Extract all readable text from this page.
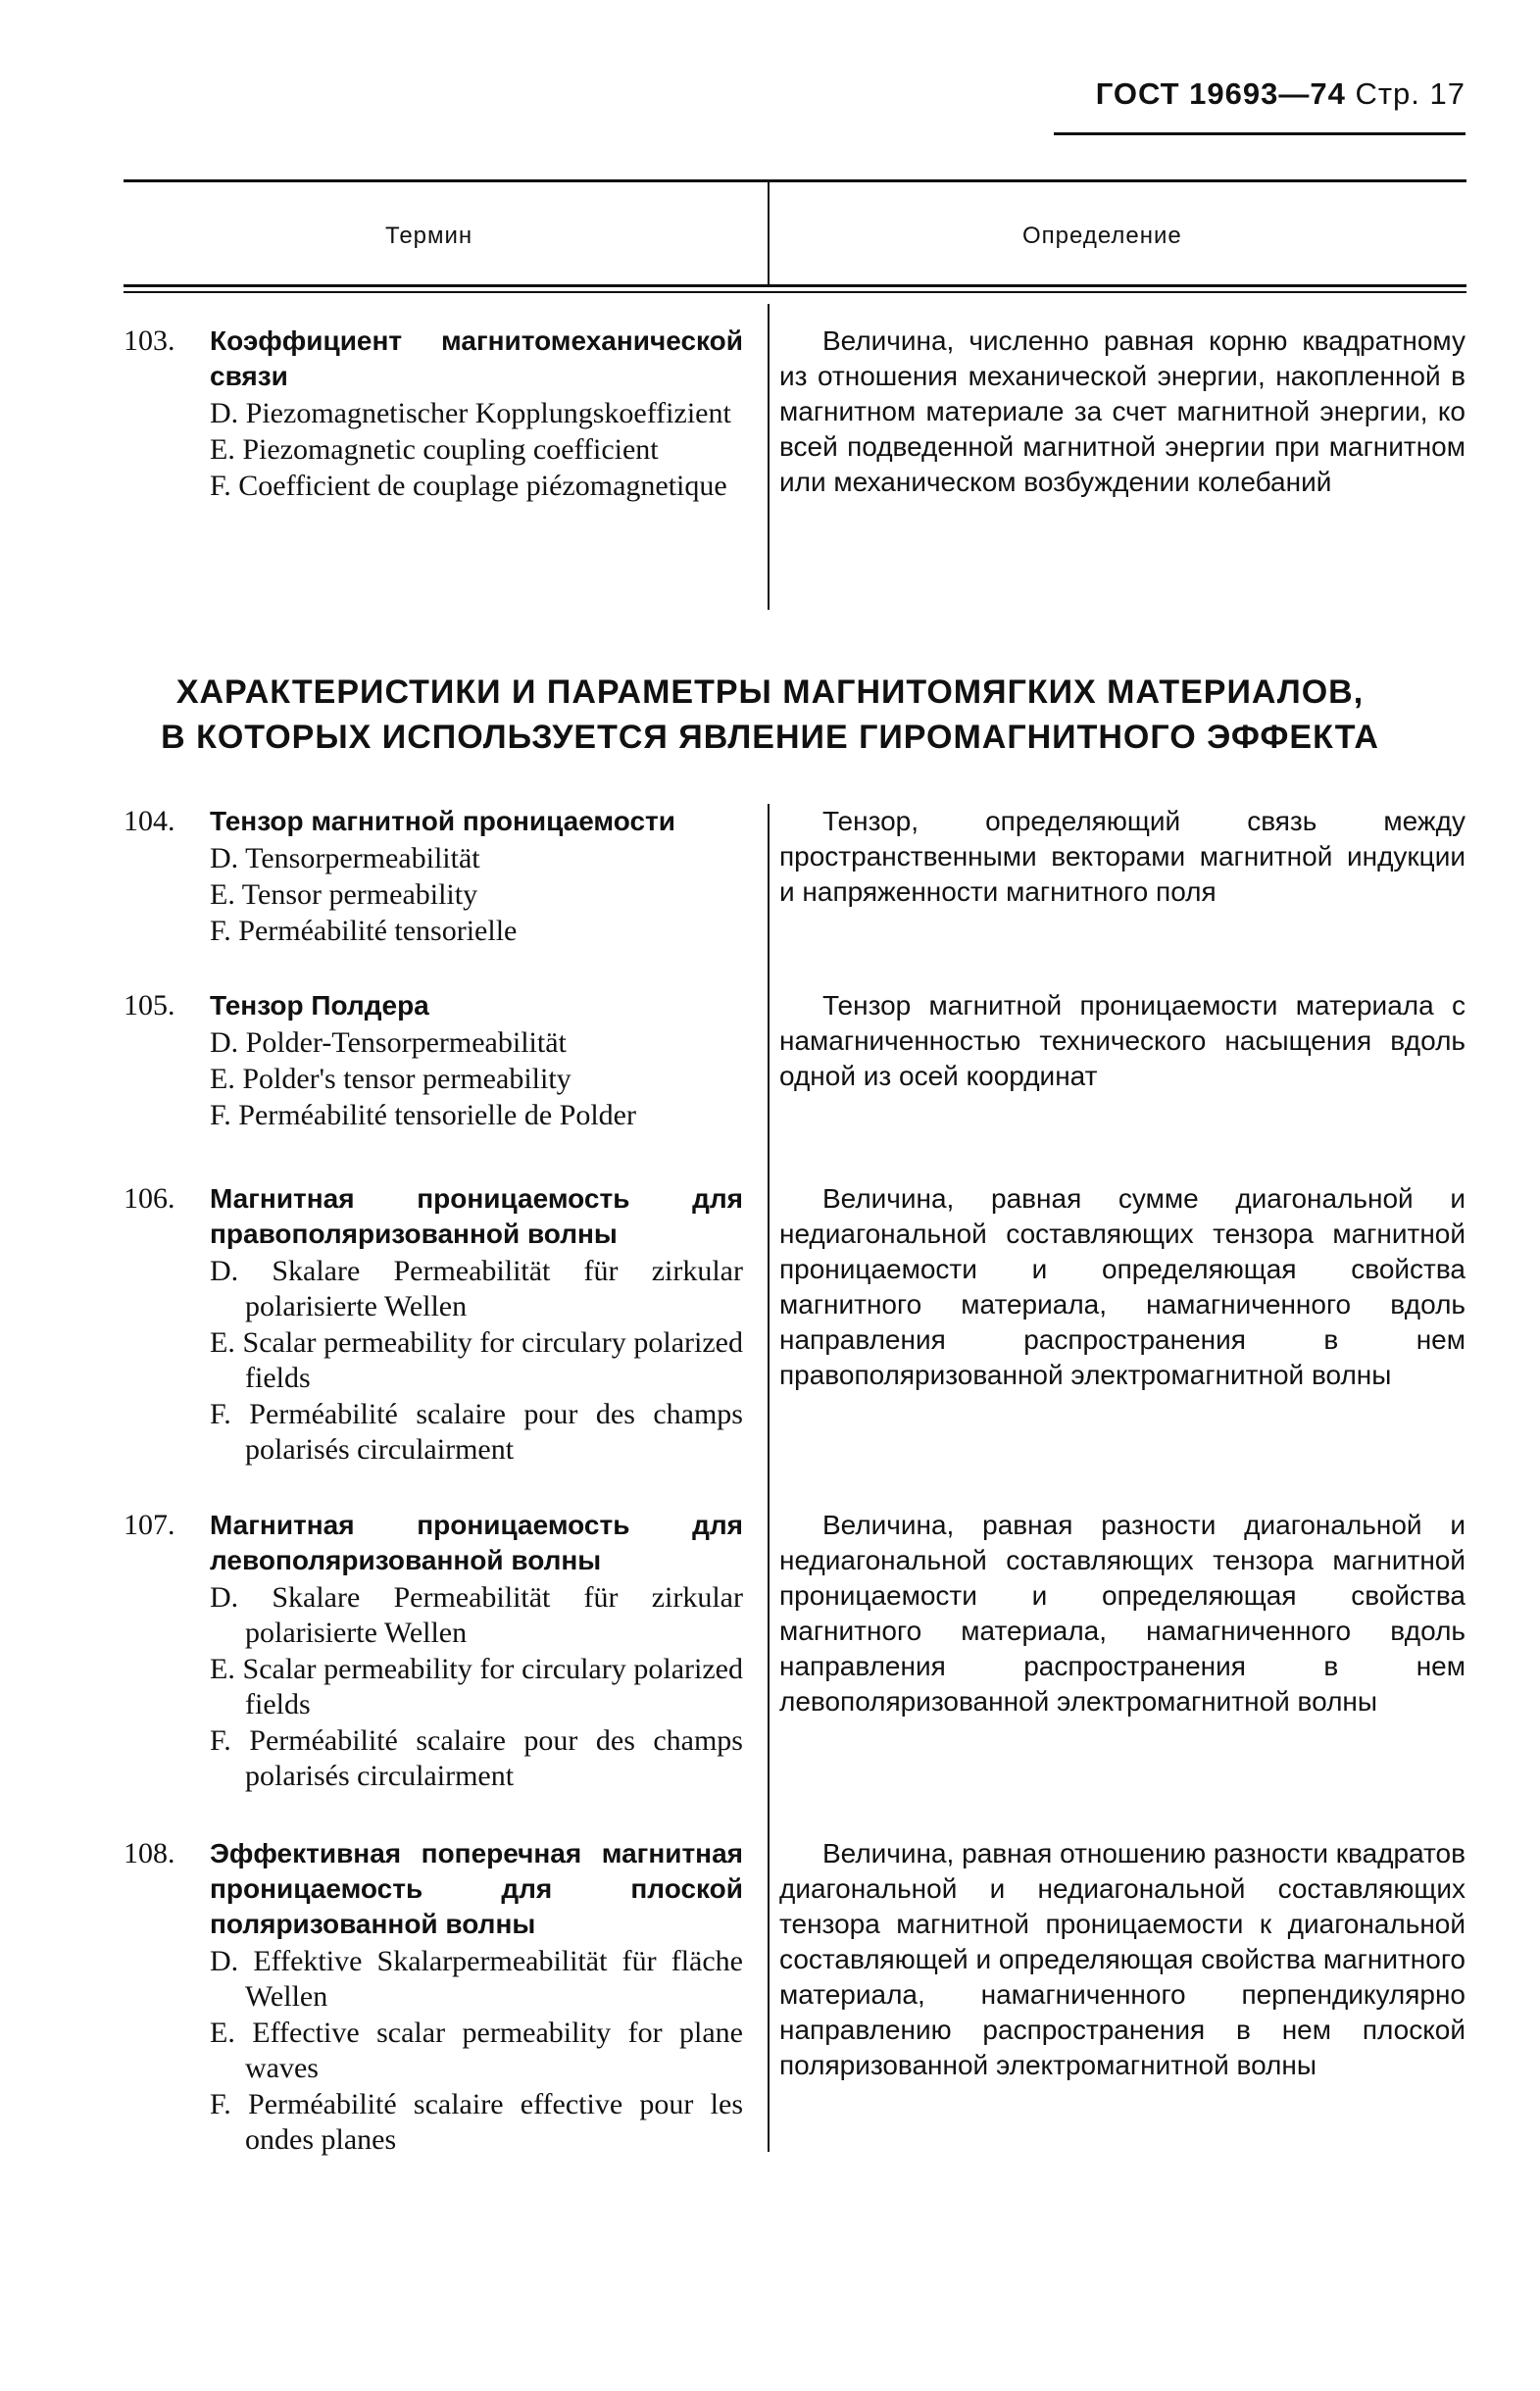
ГОСТ 19693—74 Стр. 17
Термин	Определение
103. Коэффициент магнитомеханической связи
D. Piezomagnetischer Kopplungskoeffizient
E. Piezomagnetic coupling coefficient
F. Coefficient de couplage piézomagnetique
Величина, численно равная корню квадратному из отношения механической энергии, накопленной в магнитном материале за счет магнитной энергии, ко всей подведенной магнитной энергии при магнитном или механическом возбуждении колебаний
ХАРАКТЕРИСТИКИ И ПАРАМЕТРЫ МАГНИТОМЯГКИХ МАТЕРИАЛОВ,
В КОТОРЫХ ИСПОЛЬЗУЕТСЯ ЯВЛЕНИЕ ГИРОМАГНИТНОГО ЭФФЕКТА
104. Тензор магнитной проницаемости
D. Tensorpermeabilität
E. Tensor permeability
F. Perméabilité tensorielle
Тензор, определяющий связь между пространственными векторами магнитной индукции и напряженности магнитного поля
105. Тензор Полдера
D. Polder-Tensorpermeabilität
E. Polder's tensor permeability
F. Perméabilité tensorielle de Polder
Тензор магнитной проницаемости материала с намагниченностью технического насыщения вдоль одной из осей координат
106. Магнитная проницаемость для правополяризованной волны
D. Skalare Permeabilität für zirkular polarisierte Wellen
E. Scalar permeability for circulary polarized fields
F. Perméabilité scalaire pour des champs polarisés circulairment
Величина, равная сумме диагональной и недиагональной составляющих тензора магнитной проницаемости и определяющая свойства магнитного материала, намагниченного вдоль направления распространения в нем правополяризованной электромагнитной волны
107. Магнитная проницаемость для левополяризованной волны
D. Skalare Permeabilität für zirkular polarisierte Wellen
E. Scalar permeability for circulary polarized fields
F. Perméabilité scalaire pour des champs polarisés circulairment
Величина, равная разности диагональной и недиагональной составляющих тензора магнитной проницаемости и определяющая свойства магнитного материала, намагниченного вдоль направления распространения в нем левополяризованной электромагнитной волны
108. Эффективная поперечная магнитная проницаемость для плоской поляризованной волны
D. Effektive Skalarpermeabilität für fläche Wellen
E. Effective scalar permeability for plane waves
F. Perméabilité scalaire effective pour les ondes planes
Величина, равная отношению разности квадратов диагональной и недиагональной составляющих тензора магнитной проницаемости к диагональной составляющей и определяющая свойства магнитного материала, намагниченного перпендикулярно направлению распространения в нем плоской поляризованной электромагнитной волны
